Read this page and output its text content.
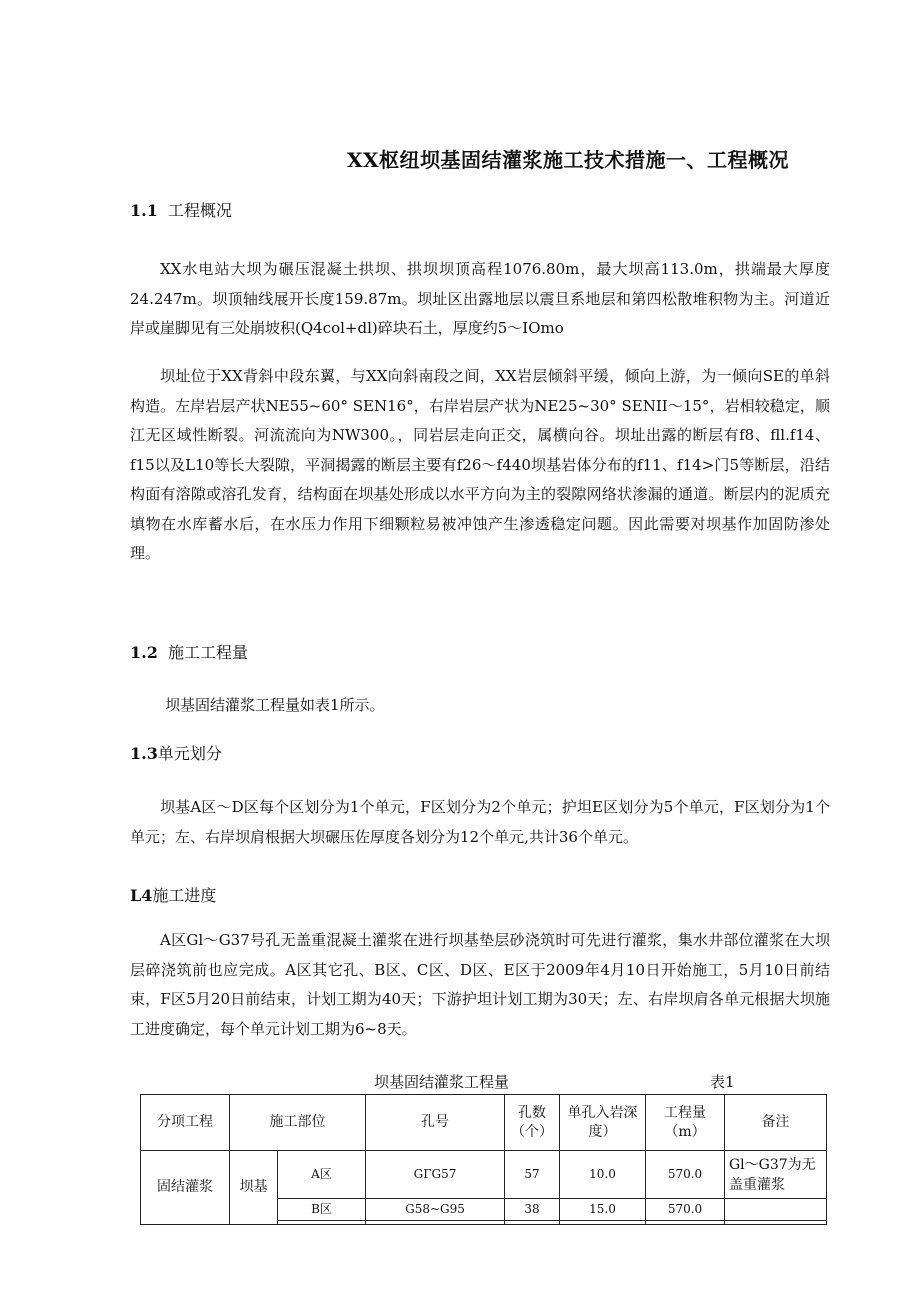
XX枢纽坝基固结灌浆施工技术措施一、工程概况
1.1 工程概况

XX水电站大坝为碾压混凝土拱坝、拱坝坝顶高程1076.80m，最大坝高113.0m，拱端最大厚度24.247m。坝顶轴线展开长度159.87m。坝址区出露地层以震旦系地层和第四松散堆积物为主。河道近岸或崖脚见有三处崩坡积(Q4col+dl)碎块石土，厚度约5～IOmo

坝址位于XX背斜中段东翼，与XX向斜南段之间，XX岩层倾斜平缓，倾向上游，为一倾向SE的单斜构造。左岸岩层产状NE55~60° SEN16°，右岸岩层产状为NE25~30° SENII～15°，岩相较稳定，顺江无区域性断裂。河流流向为NW300。，同岩层走向正交，属横向谷。坝址出露的断层有f8、fll.f14、f15以及L10等长大裂隙，平洞揭露的断层主要有f26～f440坝基岩体分布的f11、f14>门5等断层，沿结构面有溶隙或溶孔发育，结构面在坝基处形成以水平方向为主的裂隙网络状渗漏的通道。断层内的泥质充填物在水库蓄水后，在水压力作用下细颗粒易被冲蚀产生渗透稳定问题。因此需要对坝基作加固防渗处理。

1.2 施工工程量
坝基固结灌浆工程量如表1所示。
1.3单元划分

坝基A区～D区每个区划分为1个单元，F区划分为2个单元；护坦E区划分为5个单元，F区划分为1个单元；左、右岸坝肩根据大坝碾压佐厚度各划分为12个单元,共计36个单元。

L4施工进度

A区Gl～G37号孔无盖重混凝土灌浆在进行坝基垫层砂浇筑时可先进行灌浆，集水井部位灌浆在大坝层碎浇筑前也应完成。A区其它孔、B区、C区、D区、E区于2009年4月10日开始施工，5月10日前结束，F区5月20日前结束，计划工期为40天；下游护坦计划工期为30天；左、右岸坝肩各单元根据大坝施工进度确定，每个单元计划工期为6~8天。

坝基固结灌浆工程量	表1
分项工程	施工部位		孔号	孔数（个）	单孔入岩深度）	工程量（m）	备注
固结灌浆	坝基	A区	GΓG57	57	10.0	570.0	Gl～G37为无盖重灌浆
		B区	G58~G95	38	15.0	570.0	
